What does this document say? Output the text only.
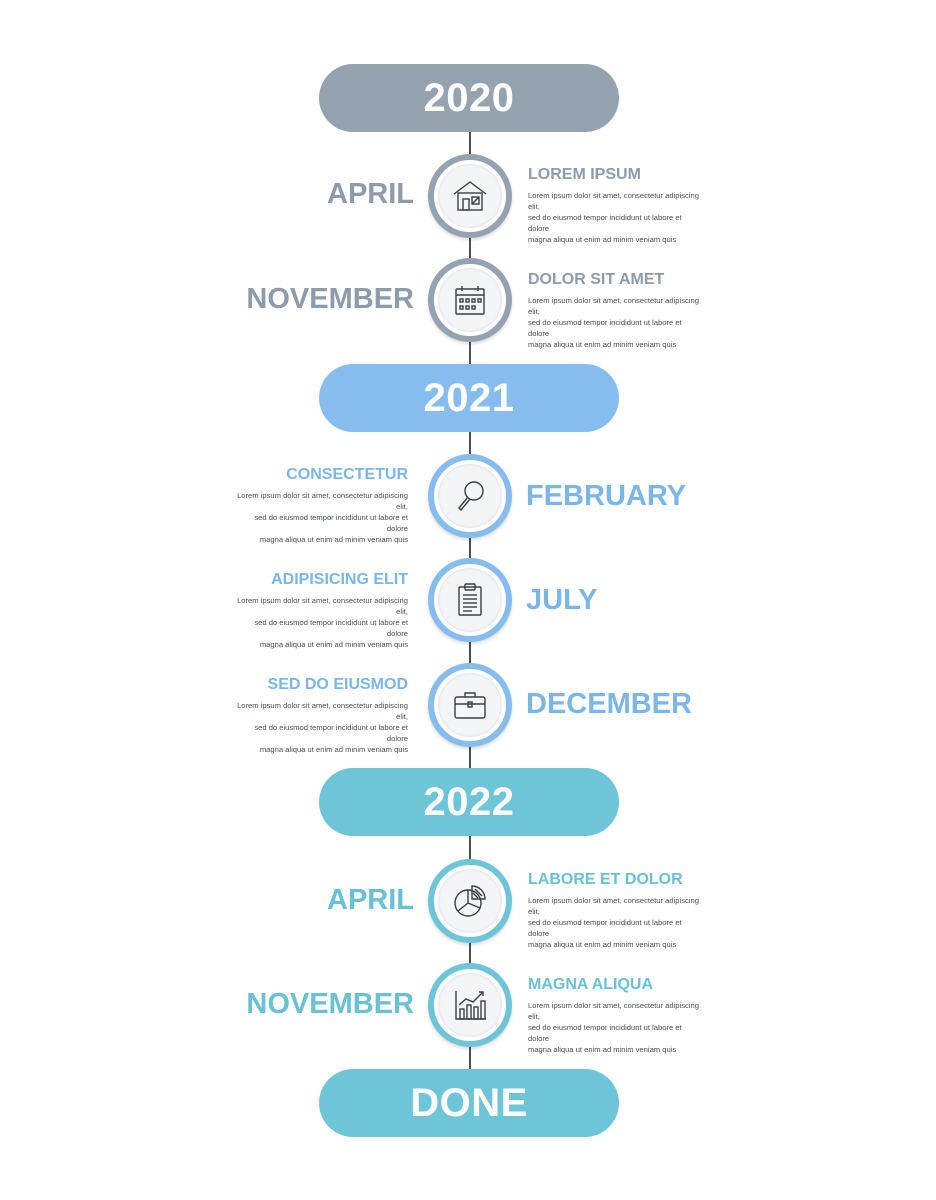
2020
APRIL
LOREM IPSUM
Lorem ipsum dolor sit amet, consectetur adipiscing elit,
sed do eiusmod tempor incididunt ut labore et dolore
magna aliqua ut enim ad minim veniam quis
NOVEMBER
DOLOR SIT AMET
Lorem ipsum dolor sit amet, consectetur adipiscing elit,
sed do eiusmod tempor incididunt ut labore et dolore
magna aliqua ut enim ad minim veniam quis
2021
CONSECTETUR
Lorem ipsum dolor sit amet, consectetur adipiscing elit,
sed do eiusmod tempor incididunt ut labore et dolore
magna aliqua ut enim ad minim veniam quis
FEBRUARY
ADIPISICING ELIT
Lorem ipsum dolor sit amet, consectetur adipiscing elit,
sed do eiusmod tempor incididunt ut labore et dolore
magna aliqua ut enim ad minim veniam quis
JULY
SED DO EIUSMOD
Lorem ipsum dolor sit amet, consectetur adipiscing elit,
sed do eiusmod tempor incididunt ut labore et dolore
magna aliqua ut enim ad minim veniam quis
DECEMBER
2022
APRIL
LABORE ET DOLOR
Lorem ipsum dolor sit amet, consectetur adipiscing elit,
sed do eiusmod tempor incididunt ut labore et dolore
magna aliqua ut enim ad minim veniam quis
NOVEMBER
MAGNA ALIQUA
Lorem ipsum dolor sit amet, consectetur adipiscing elit,
sed do eiusmod tempor incididunt ut labore et dolore
magna aliqua ut enim ad minim veniam quis
DONE
